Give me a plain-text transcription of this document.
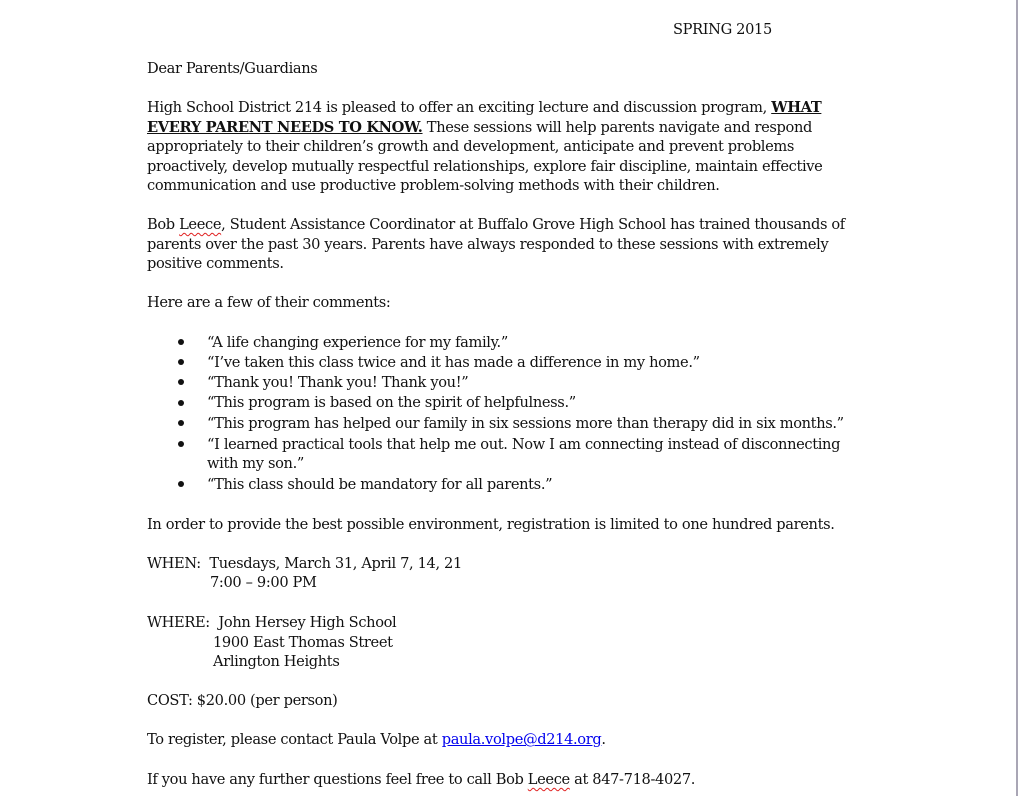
SPRING 2015
Dear Parents/Guardians
High School District 214 is pleased to offer an exciting lecture and discussion program, WHAT
EVERY PARENT NEEDS TO KNOW. These sessions will help parents navigate and respond
appropriately to their children’s growth and development, anticipate and prevent problems
proactively, develop mutually respectful relationships, explore fair discipline, maintain effective
communication and use productive problem-solving methods with their children.
Bob Leece, Student Assistance Coordinator at Buffalo Grove High School has trained thousands of
parents over the past 30 years. Parents have always responded to these sessions with extremely
positive comments.
Here are a few of their comments:
“A life changing experience for my family.”
“I’ve taken this class twice and it has made a difference in my home.”
“Thank you! Thank you! Thank you!”
“This program is based on the spirit of helpfulness.”
“This program has helped our family in six sessions more than therapy did in six months.”
“I learned practical tools that help me out. Now I am connecting instead of disconnecting
with my son.”
“This class should be mandatory for all parents.”
In order to provide the best possible environment, registration is limited to one hundred parents.
WHEN:  Tuesdays, March 31, April 7, 14, 21
7:00 – 9:00 PM
WHERE:  John Hersey High School
1900 East Thomas Street
Arlington Heights
COST: $20.00 (per person)
To register, please contact Paula Volpe at paula.volpe@d214.org.
If you have any further questions feel free to call Bob Leece at 847-718-4027.
